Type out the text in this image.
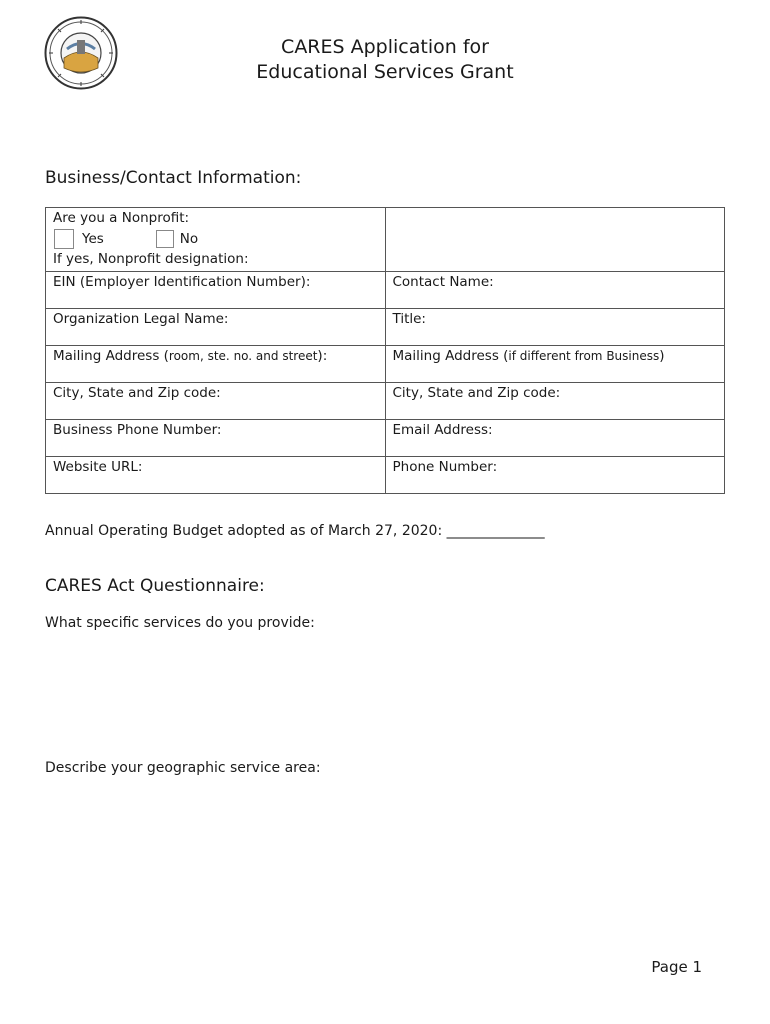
CARES Application for
Educational Services Grant
Business/Contact Information:
Are you a Nonprofit:
Yes No
If yes, Nonprofit designation:	

EIN (Employer Identification Number):	Contact Name:
Organization Legal Name:	Title:
Mailing Address (room, ste. no. and street):	Mailing Address (if different from Business)
City, State and Zip code:	City, State and Zip code:
Business Phone Number:	Email Address:
Website URL:	Phone Number:
Annual Operating Budget adopted as of March 27, 2020: ______________
CARES Act Questionnaire:
What specific services do you provide:
Describe your geographic service area:
Page 1
